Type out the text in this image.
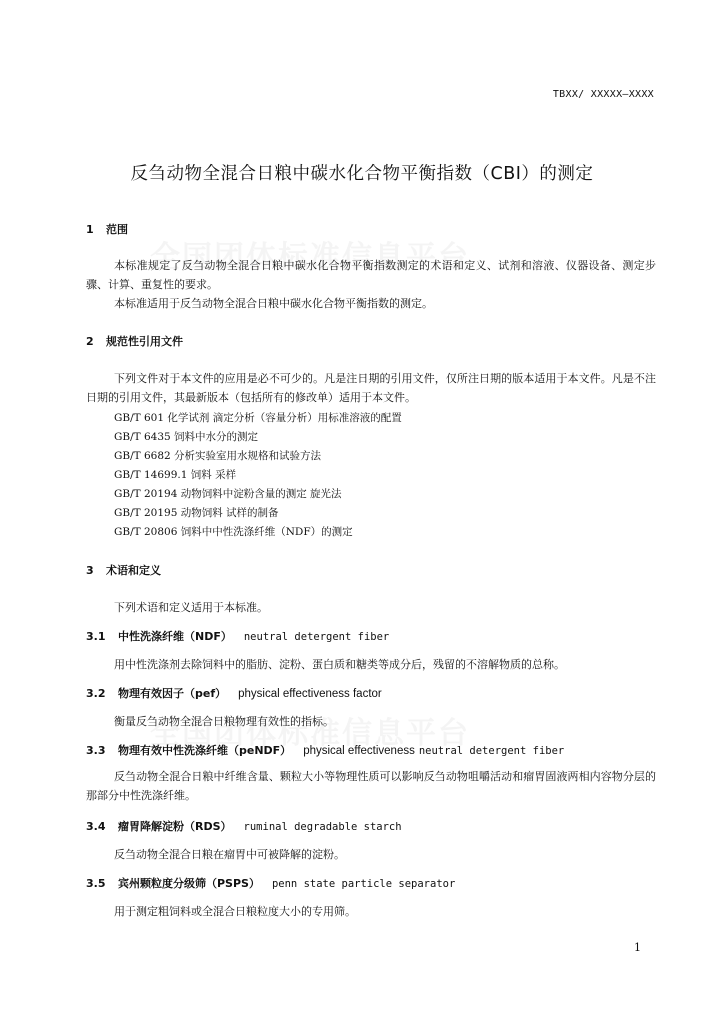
TBXX/ XXXXX—XXXX
反刍动物全混合日粮中碳水化合物平衡指数（CBI）的测定
1 范围
本标准规定了反刍动物全混合日粮中碳水化合物平衡指数测定的术语和定义、试剂和溶液、仪器设备、测定步骤、计算、重复性的要求。
本标准适用于反刍动物全混合日粮中碳水化合物平衡指数的测定。
2 规范性引用文件
下列文件对于本文件的应用是必不可少的。凡是注日期的引用文件，仅所注日期的版本适用于本文件。凡是不注日期的引用文件，其最新版本（包括所有的修改单）适用于本文件。
GB/T 601 化学试剂 滴定分析（容量分析）用标准溶液的配置
GB/T 6435 饲料中水分的测定
GB/T 6682 分析实验室用水规格和试验方法
GB/T 14699.1 饲料 采样
GB/T 20194 动物饲料中淀粉含量的测定 旋光法
GB/T 20195 动物饲料 试样的制备
GB/T 20806 饲料中中性洗涤纤维（NDF）的测定
3 术语和定义
下列术语和定义适用于本标准。
3.1 中性洗涤纤维（NDF） neutral detergent fiber
用中性洗涤剂去除饲料中的脂肪、淀粉、蛋白质和糖类等成分后，残留的不溶解物质的总称。
3.2 物理有效因子（pef） physical effectiveness factor
衡量反刍动物全混合日粮物理有效性的指标。
3.3 物理有效中性洗涤纤维（peNDF） physical effectiveness neutral detergent fiber
反刍动物全混合日粮中纤维含量、颗粒大小等物理性质可以影响反刍动物咀嚼活动和瘤胃固液两相内容物分层的那部分中性洗涤纤维。
3.4 瘤胃降解淀粉（RDS） ruminal degradable starch
反刍动物全混合日粮在瘤胃中可被降解的淀粉。
3.5 宾州颗粒度分级筛（PSPS） penn state particle separator
用于测定粗饲料或全混合日粮粒度大小的专用筛。
1
